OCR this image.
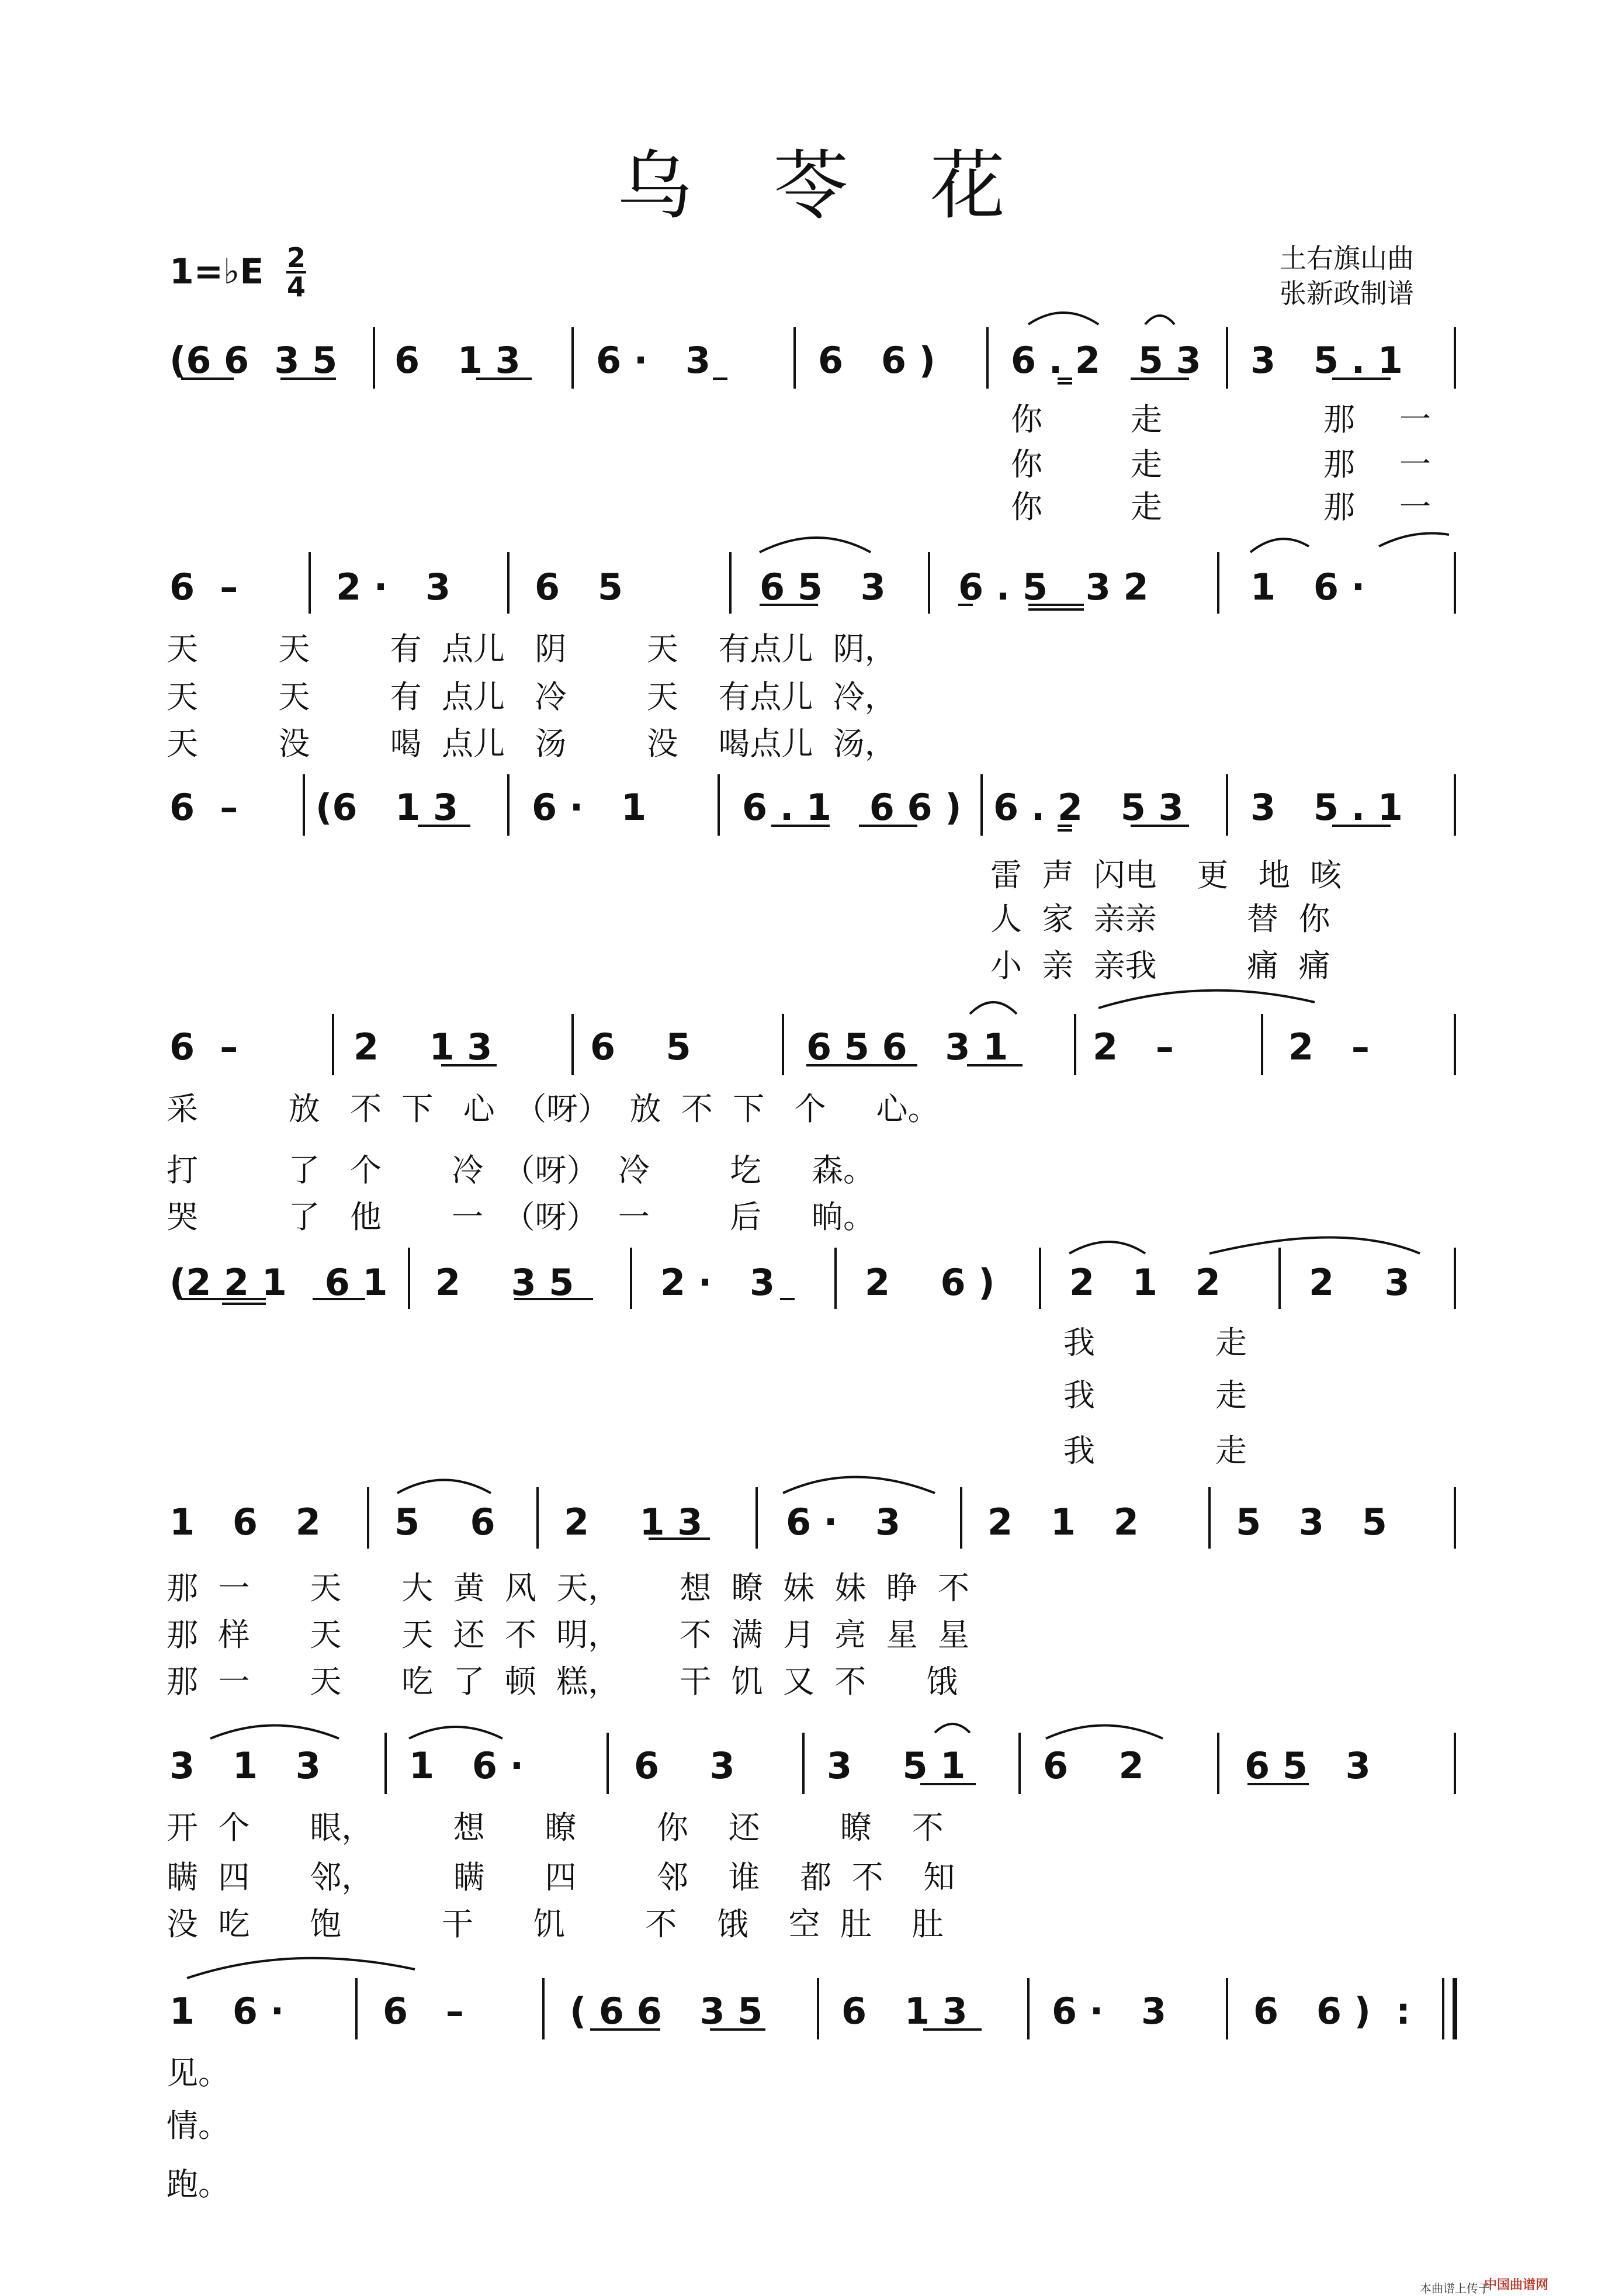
乌 苓 花
1=♭E 2
4
土右旗山曲
张新政制谱
(6 6  3 5 6   1 3 6 ·   3	6   6 ) 6 . 2   5 3 3   5 . 1
你	走	那 一
你	走	那 一
你	走	那 一
6  –	2 ·   3 6   5	6 5   3 6 . 5   3 2	1   6 ·
天        天        有  点儿   阴        天    有点儿  阴，
天        天        有  点儿   冷        天    有点儿  冷，
天        没        喝  点儿   汤        没    喝点儿  汤，
6  – (6   1 3 6 ·   1	6 . 1   6 6 ) 6 . 2   5 3 3   5 . 1
雷  声  闪电    更   地  咳
人  家  亲亲         替  你
小  亲  亲我         痛  痛
6  –	2    1 3	6    5	6 5 6   3 1 2   –	2   –
采         放   不  下   心  （呀）  放  不  下   个     心。
打         了   个       冷  （呀）  冷        圪     森。
哭         了   他       一  （呀）  一        后     晌。
(2 2 1   6 1 2    3 5 2 ·   3 2    6 ) 2   1   2 2    3
我	走
我	走
我	走
1   6   2 5    6 2    1 3 6 ·   3 2   1   2	5   3   5
那  一      天      大  黄  风  天，      想  瞭  妹  妹  睁  不
那  样      天      天  还  不  明，      不  满  月  亮  星  星
那  一      天      吃  了  顿  糕，      干  饥  又  不      饿
3   1   3 1   6 ·	6    3	3    5 1 6    2	6 5   3
开  个      眼，        想      瞭        你    还        瞭    不
瞒  四      邻，        瞒      四        邻    谁    都  不    知
没  吃      饱          干      饥        不    饿    空  肚    肚
1   6 ·	6   –	( 6 6   3 5 6   1 3 6 ·   3 6   6 )  :
见。
情。
跑。
本曲谱上传于
中国曲谱网
